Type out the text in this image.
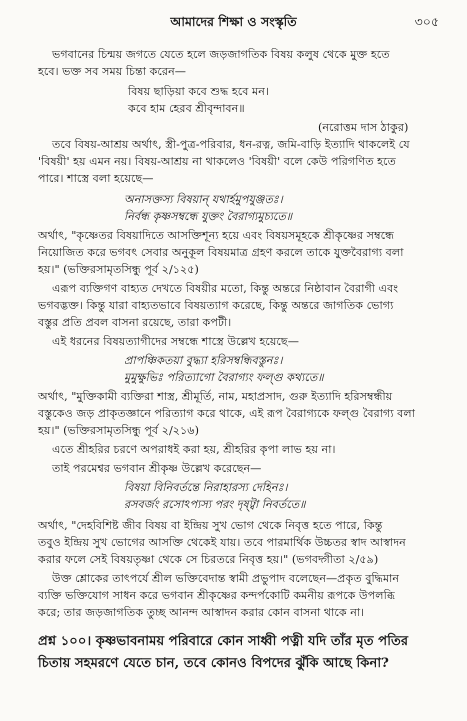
আমাদের শিক্ষা ও সংস্কৃতি	৩০৫
ভগবানের চিন্ময় জগতে যেতে হলে জড়জাগতিক বিষয় কলুষ থেকে মুক্ত হতে
হবে। ভক্ত সব সময় চিন্তা করেন—
বিষয় ছাড়িয়া কবে শুদ্ধ হবে মন।
কবে হাম হেরব শ্রীবৃন্দাবন॥
(নরোত্তম দাস ঠাকুর)
তবে বিষয়-আশ্রয় অর্থাৎ, স্ত্রী-পুত্র-পরিবার, ধন-রত্ন, জমি-বাড়ি ইত্যাদি থাকলেই যে
'বিষয়ী' হয় এমন নয়। বিষয়-আশ্রয় না থাকলেও 'বিষয়ী' বলে কেউ পরিগণিত হতে
পারে। শাস্ত্রে বলা হয়েছে—
অনাসক্তস্য বিষয়ান্ যথার্হমুপযুঞ্জতঃ।
নির্বন্ধ কৃষ্ণসম্বন্ধে যুক্তং বৈরাগ্যমুচ্যতে॥
অর্থাৎ, "কৃষ্ণেতর বিষয়াদিতে আসক্তিশূন্য হয়ে এবং বিষয়সমূহকে শ্রীকৃষ্ণের সম্বন্ধে
নিয়োজিত করে ভগবৎ সেবার অনুকূল বিষয়মাত্র গ্রহণ করলে তাকে যুক্তবৈরাগ্য বলা
হয়।" (ভক্তিরসামৃতসিন্ধু পূর্ব ২/১২৫)
এরূপ ব্যক্তিগণ বাহ্যত দেখতে বিষয়ীর মতো, কিন্তু অন্তরে নিষ্ঠাবান বৈরাগী এবং
ভগবদ্ভক্ত। কিন্তু যারা বাহ্যতভাবে বিষয়ত্যাগ করেছে, কিন্তু অন্তরে জাগতিক ভোগ্য
বস্তুর প্রতি প্রবল বাসনা রয়েছে, তারা কপটী।
এই ধরনের বিষয়ত্যাগীদের সম্বন্ধে শাস্ত্রে উল্লেখ হয়েছে—
প্রাপঞ্চিকতয়া বুদ্ধ্যা হরিসম্বন্ধিবস্তুনঃ।
মুমুক্ষুভিঃ পরিত্যাগো বৈরাগ্যং ফল্গু কথ্যতে॥
অর্থাৎ, "মুক্তিকামী ব্যক্তিরা শাস্ত্র, শ্রীমূর্তি, নাম, মহাপ্রসাদ, গুরু ইত্যাদি হরিসম্বন্ধীয়
বস্তুকেও জড় প্রাকৃতজ্ঞানে পরিত্যাগ করে থাকে, এই রূপ বৈরাগ্যকে ফল্গু বৈরাগ্য বলা
হয়।" (ভক্তিরসামৃতসিন্ধু পূর্ব ২/২১৬)
এতে শ্রীহরির চরণে অপরাধই করা হয়, শ্রীহরির কৃপা লাভ হয় না।
তাই পরমেশ্বর ভগবান শ্রীকৃষ্ণ উল্লেখ করেছেন—
বিষয়া বিনিবর্তন্তে নিরাহারস্য দেহিনঃ।
রসবর্জং রসোঽপ্যস্য পরং দৃষ্ট্বা নিবর্ততে॥
অর্থাৎ, "দেহবিশিষ্ট জীব বিষয় বা ইন্দ্রিয় সুখ ভোগ থেকে নিবৃত্ত হতে পারে, কিন্তু
তবুও ইন্দ্রিয় সুখ ভোগের আসক্তি থেকেই যায়। তবে পারমার্থিক উচ্চতর স্বাদ আস্বাদন
করার ফলে সেই বিষয়তৃষ্ণা থেকে সে চিরতরে নিবৃত্ত হয়।" (ভগবদ্গীতা ২/৫৯)
উক্ত শ্লোকের তাৎপর্যে শ্রীল ভক্তিবেদান্ত স্বামী প্রভুপাদ বলেছেন—প্রকৃত বুদ্ধিমান
ব্যক্তি ভক্তিযোগ সাধন করে ভগবান শ্রীকৃষ্ণের কন্দর্পকোটি কমনীয় রূপকে উপলব্ধি
করে; তার জড়জাগতিক তুচ্ছ আনন্দ আস্বাদন করার কোন বাসনা থাকে না।
প্রশ্ন ১০০। কৃষ্ণভাবনাময় পরিবারে কোন সাধ্বী পত্নী যদি তাঁর মৃত পতির
চিতায় সহমরণে যেতে চান, তবে কোনও বিপদের ঝুঁকি আছে কিনা?
